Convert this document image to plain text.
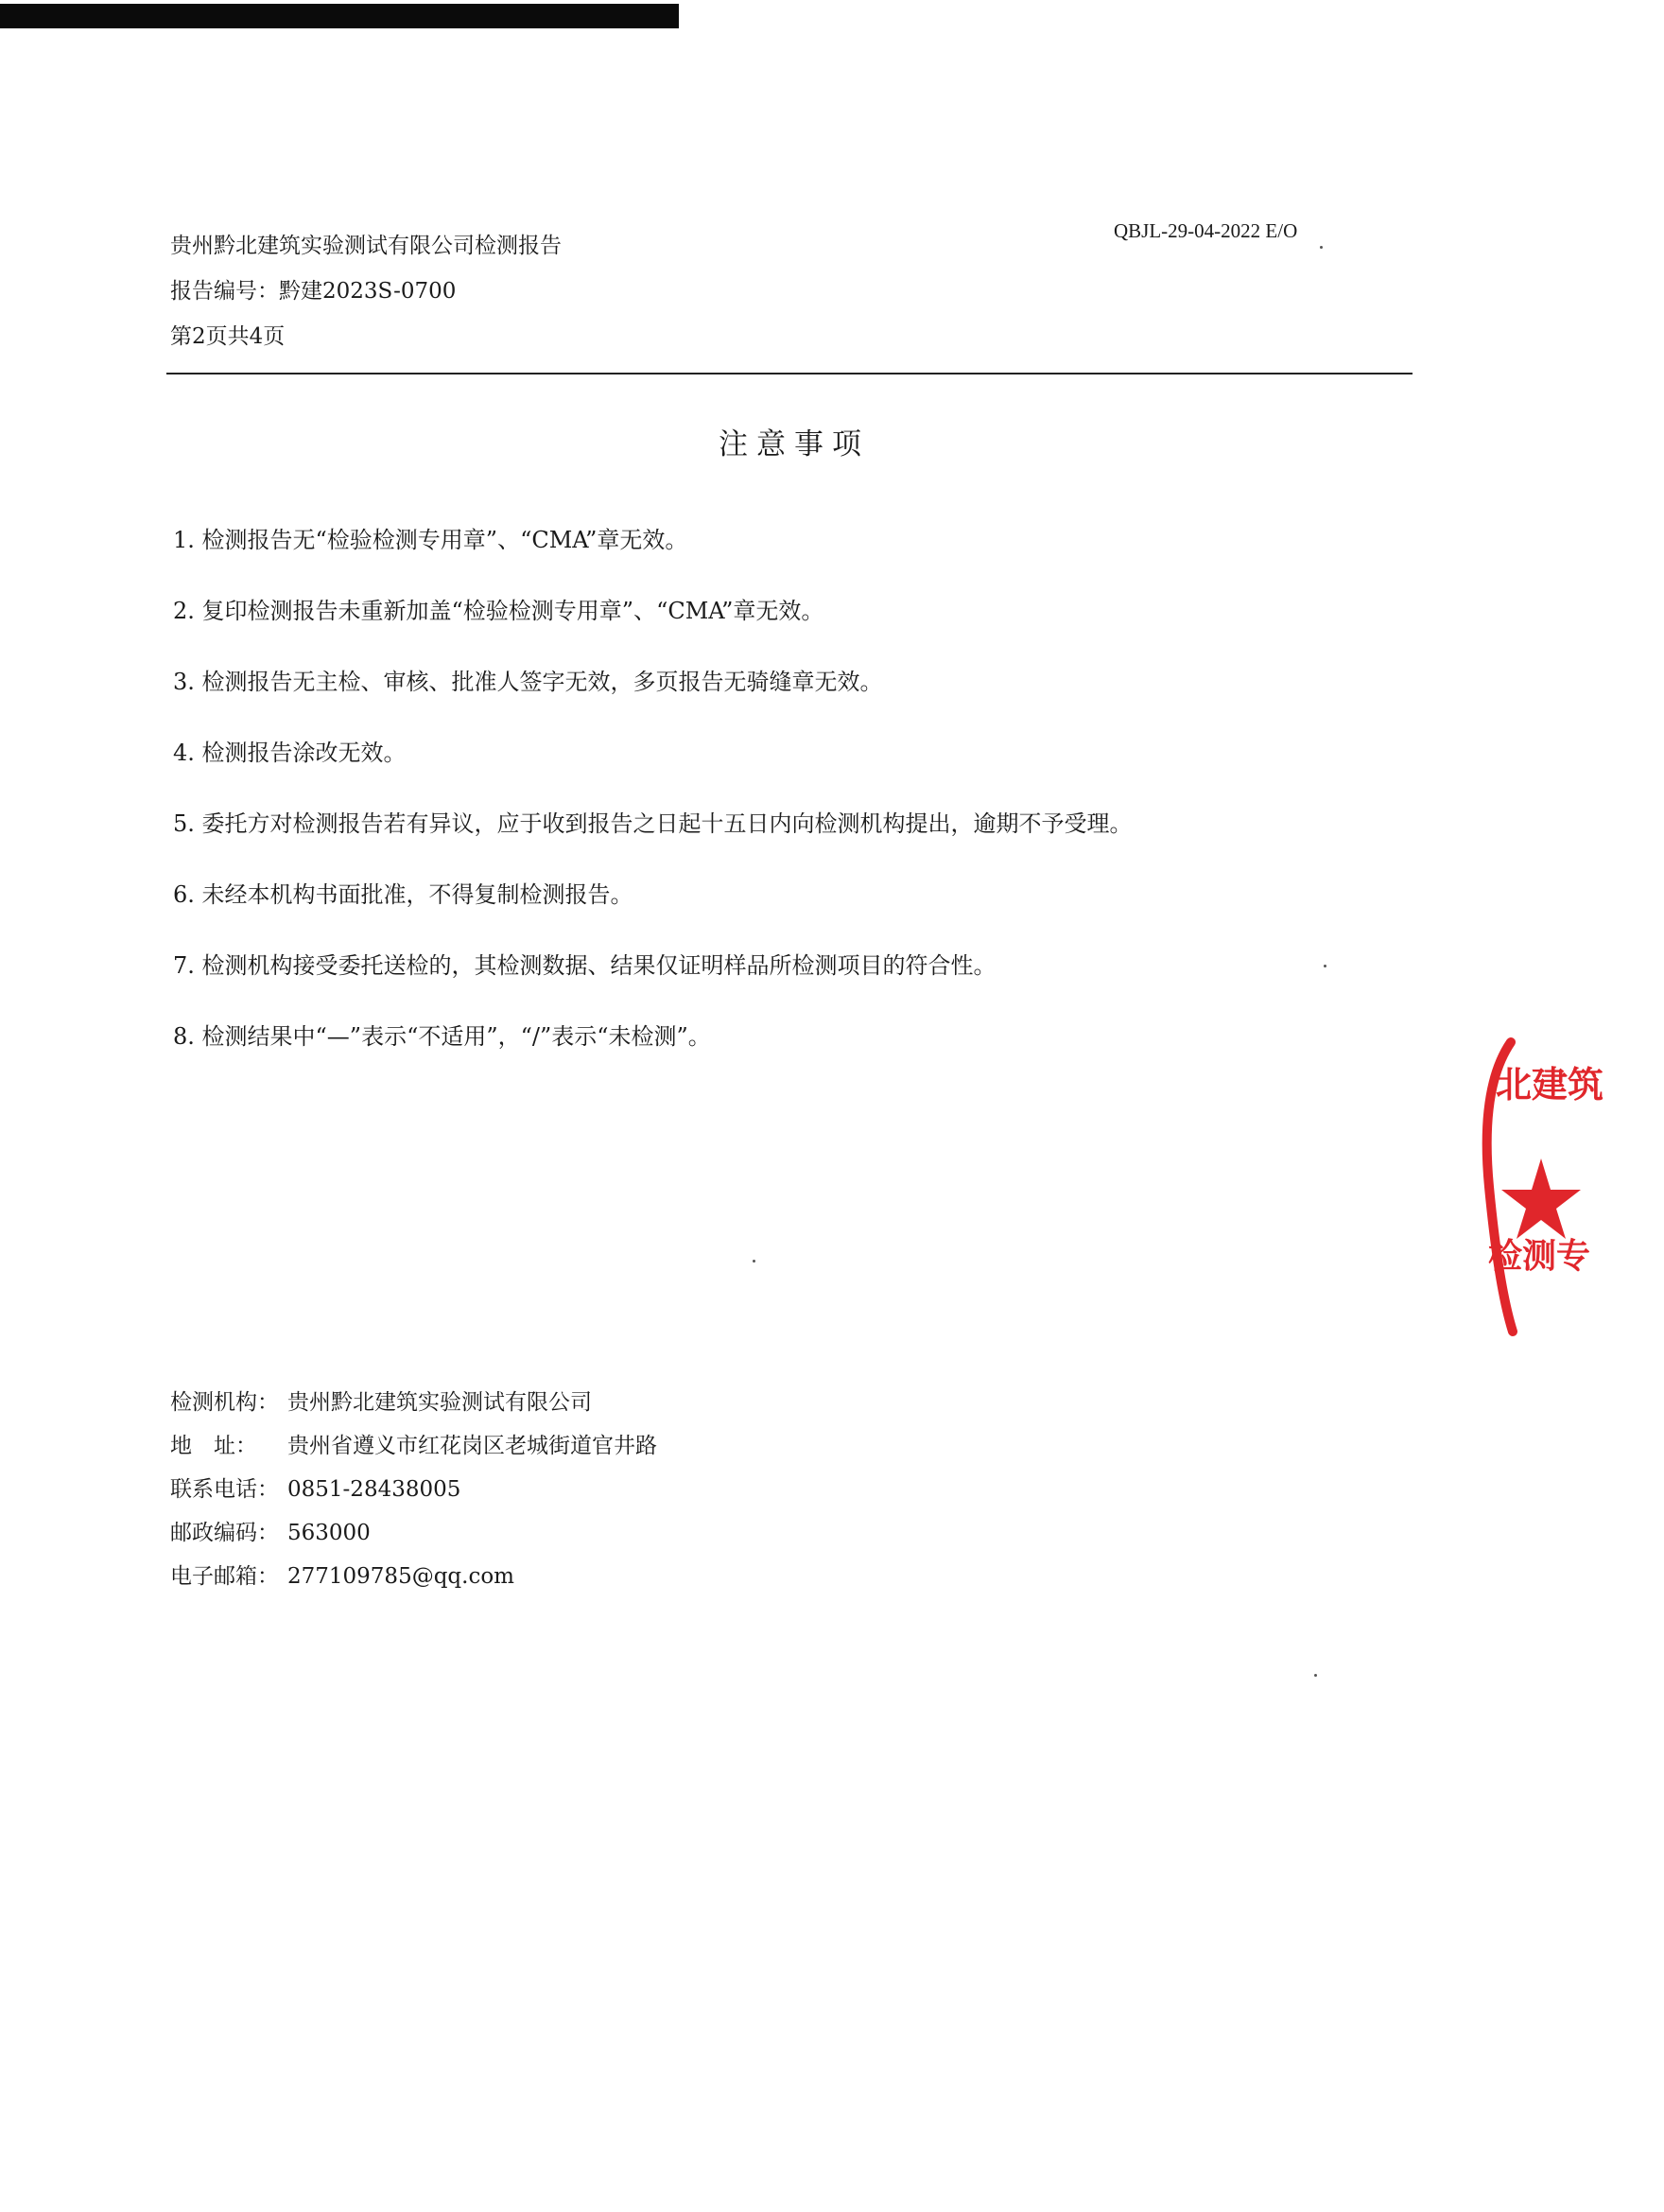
贵州黔北建筑实验测试有限公司检测报告
报告编号：黔建2023S-0700
第2页共4页
QBJL-29-04-2022 E/O
注意事项

1. 检测报告无“检验检测专用章”、“CMA”章无效。

2. 复印检测报告未重新加盖“检验检测专用章”、“CMA”章无效。

3. 检测报告无主检、审核、批准人签字无效，多页报告无骑缝章无效。

4. 检测报告涂改无效。

5. 委托方对检测报告若有异议，应于收到报告之日起十五日内向检测机构提出，逾期不予受理。

6. 未经本机构书面批准，不得复制检测报告。

7. 检测机构接受委托送检的，其检测数据、结果仅证明样品所检测项目的符合性。

8. 检测结果中“—”表示“不适用”，“/”表示“未检测”。

检测机构： 贵州黔北建筑实验测试有限公司
地　址： 贵州省遵义市红花岗区老城街道官井路
联系电话： 0851-28438005
邮政编码： 563000
电子邮箱： 277109785@qq.com
北建筑
检测专
